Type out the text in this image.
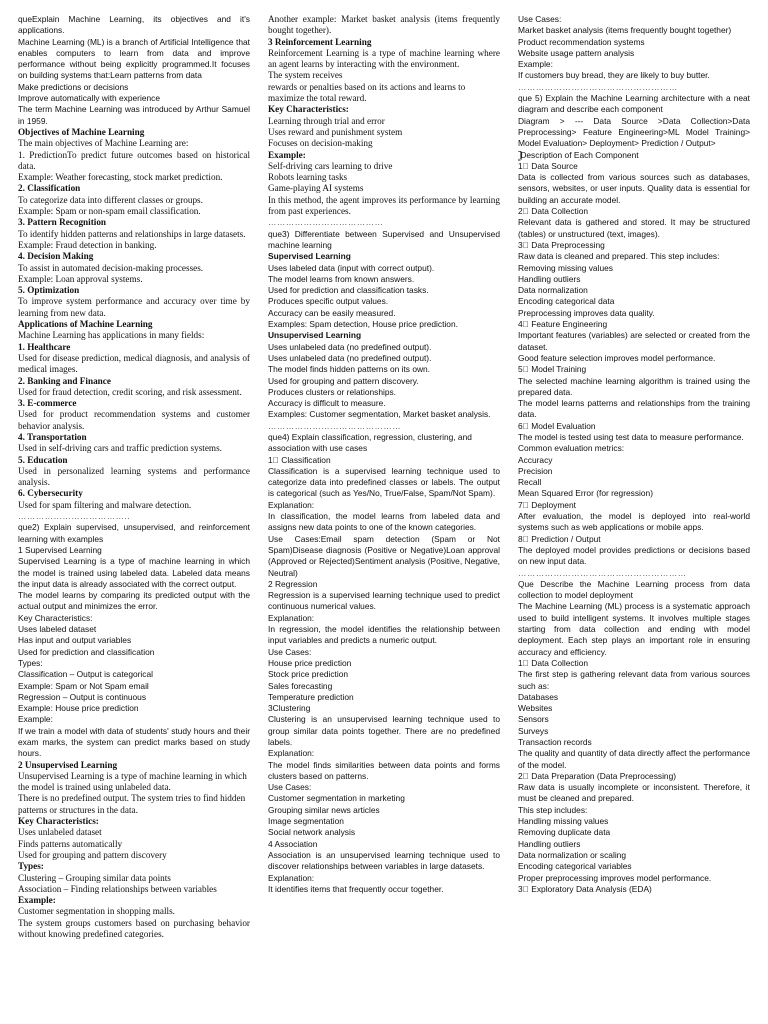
queExplain Machine Learning, its objectives and it's applications.

Machine Learning (ML) is a branch of Artificial Intelligence that enables computers to learn from data and improve performance without being explicitly programmed.It focuses on building systems that:Learn patterns from data

Make predictions or decisions

Improve automatically with experience

The term Machine Learning was introduced by Arthur Samuel in 1959.

Objectives of Machine Learning

The main objectives of Machine Learning are:

1. PredictionTo predict future outcomes based on historical data.

Example: Weather forecasting, stock market prediction.

2. Classification

To categorize data into different classes or groups.

Example: Spam or non-spam email classification.

3. Pattern Recognition

To identify hidden patterns and relationships in large datasets.

Example: Fraud detection in banking.

4. Decision Making

To assist in automated decision-making processes.

Example: Loan approval systems.

5. Optimization

To improve system performance and accuracy over time by learning from new data.

Applications of Machine Learning

Machine Learning has applications in many fields:

1. Healthcare

Used for disease prediction, medical diagnosis, and analysis of medical images.

2. Banking and Finance

Used for fraud detection, credit scoring, and risk assessment.

3. E-commerce

Used for product recommendation systems and customer behavior analysis.

4. Transportation

Used in self-driving cars and traffic prediction systems.

5. Education

Used in personalized learning systems and performance analysis.

6. Cybersecurity

Used for spam filtering and malware detection.

………………………………..

que2) Explain supervised, unsupervised, and reinforcement learning with examples

1 Supervised Learning

Supervised Learning is a type of machine learning in which the model is trained using labeled data. Labeled data means the input data is already associated with the correct output.

The model learns by comparing its predicted output with the actual output and minimizes the error.

Key Characteristics:

Uses labeled dataset

Has input and output variables

Used for prediction and classification

Types:

Classification – Output is categorical

Example: Spam or Not Spam email

Regression – Output is continuous

Example: House price prediction

Example:

If we train a model with data of students' study hours and their exam marks, the system can predict marks based on study hours.

2 Unsupervised Learning

Unsupervised Learning is a type of machine learning in which the model is trained using unlabeled data.

There is no predefined output. The system tries to find hidden patterns or structures in the data.

Key Characteristics:

Uses unlabeled dataset

Finds patterns automatically

Used for grouping and pattern discovery

Types:

Clustering – Grouping similar data points

Association – Finding relationships between variables

Example:

Customer segmentation in shopping malls.

The system groups customers based on purchasing behavior without knowing predefined categories.

Another example: Market basket analysis (items frequently bought together).

3 Reinforcement Learning

Reinforcement Learning is a type of machine learning where an agent learns by interacting with the environment.

The system receives

rewards or penalties based on its actions and learns to maximize the total reward.

Key Characteristics:

Learning through trial and error

Uses reward and punishment system

Focuses on decision-making

Example:

Self-driving cars learning to drive

Robots learning tasks

Game-playing AI systems

In this method, the agent improves its performance by learning from past experiences.

…………………………………

que3) Differentiate between Supervised and Unsupervised machine learning

Supervised Learning

Uses labeled data (input with correct output).

The model learns from known answers.

Used for prediction and classification tasks.

Produces specific output values.

Accuracy can be easily measured.

Examples: Spam detection, House price prediction.

Unsupervised Learning

Uses unlabeled data (no predefined output).

Uses unlabeled data (no predefined output).

The model finds hidden patterns on its own.

Used for grouping and pattern discovery.

Produces clusters or relationships.

Accuracy is difficult to measure.

Examples: Customer segmentation, Market basket analysis.

………………………………………

que4) Explain classification, regression, clustering, and association with use cases

1⃣ Classification

Classification is a supervised learning technique used to categorize data into predefined classes or labels. The output is categorical (such as Yes/No, True/False, Spam/Not Spam).

Explanation:

In classification, the model learns from labeled data and assigns new data points to one of the known categories.

Use Cases:Email spam detection (Spam or Not Spam)Disease diagnosis (Positive or Negative)Loan approval (Approved or Rejected)Sentiment analysis (Positive, Negative, Neutral)

2 Regression

Regression is a supervised learning technique used to predict continuous numerical values.

Explanation:

In regression, the model identifies the relationship between input variables and predicts a numeric output.

Use Cases:

House price prediction

Stock price prediction

Sales forecasting

Temperature prediction

3Clustering

Clustering is an unsupervised learning technique used to group similar data points together. There are no predefined labels.

Explanation:

The model finds similarities between data points and forms clusters based on patterns.

Use Cases:

Customer segmentation in marketing

Grouping similar news articles

Image segmentation

Social network analysis

4 Association

Association is an unsupervised learning technique used to discover relationships between variables in large datasets.

Explanation:

It identifies items that frequently occur together.

Use Cases:

Market basket analysis (items frequently bought together)

Product recommendation systems

Website usage pattern analysis

Example:

If customers buy bread, they are likely to buy butter.

………………………………………………

que 5) Explain the Machine Learning architecture with a neat diagram and describe each component

Diagram > --- Data Source >Data Collection>Data Preprocessing> Feature Engineering>ML Model Training> Model Evaluation> Deployment> Prediction / Output>

⃣ Description of Each Component

1⃣ Data Source

Data is collected from various sources such as databases, sensors, websites, or user inputs. Quality data is essential for building an accurate model.

2⃣ Data Collection

Relevant data is gathered and stored. It may be structured (tables) or unstructured (text, images).

3⃣ Data Preprocessing

Raw data is cleaned and prepared. This step includes:

Removing missing values

Handling outliers

Data normalization

Encoding categorical data

Preprocessing improves data quality.

4⃣ Feature Engineering

Important features (variables) are selected or created from the dataset.

Good feature selection improves model performance.

5⃣ Model Training

The selected machine learning algorithm is trained using the prepared data.

The model learns patterns and relationships from the training data.

6⃣ Model Evaluation

The model is tested using test data to measure performance.

Common evaluation metrics:

Accuracy

Precision

Recall

Mean Squared Error (for regression)

7⃣ Deployment

After evaluation, the model is deployed into real-world systems such as web applications or mobile apps.

8⃣ Prediction / Output

The deployed model provides predictions or decisions based on new input data.

…………………………………………………

Que Describe the Machine Learning process from data collection to model deployment

The Machine Learning (ML) process is a systematic approach used to build intelligent systems. It involves multiple stages starting from data collection and ending with model deployment. Each step plays an important role in ensuring accuracy and efficiency.

1⃣ Data Collection

The first step is gathering relevant data from various sources such as:

Databases

Websites

Sensors

Surveys

Transaction records

The quality and quantity of data directly affect the performance of the model.

2⃣ Data Preparation (Data Preprocessing)

Raw data is usually incomplete or inconsistent. Therefore, it must be cleaned and prepared.

This step includes:

Handling missing values

Removing duplicate data

Handling outliers

Data normalization or scaling

Encoding categorical variables

Proper preprocessing improves model performance.

3⃣ Exploratory Data Analysis (EDA)
